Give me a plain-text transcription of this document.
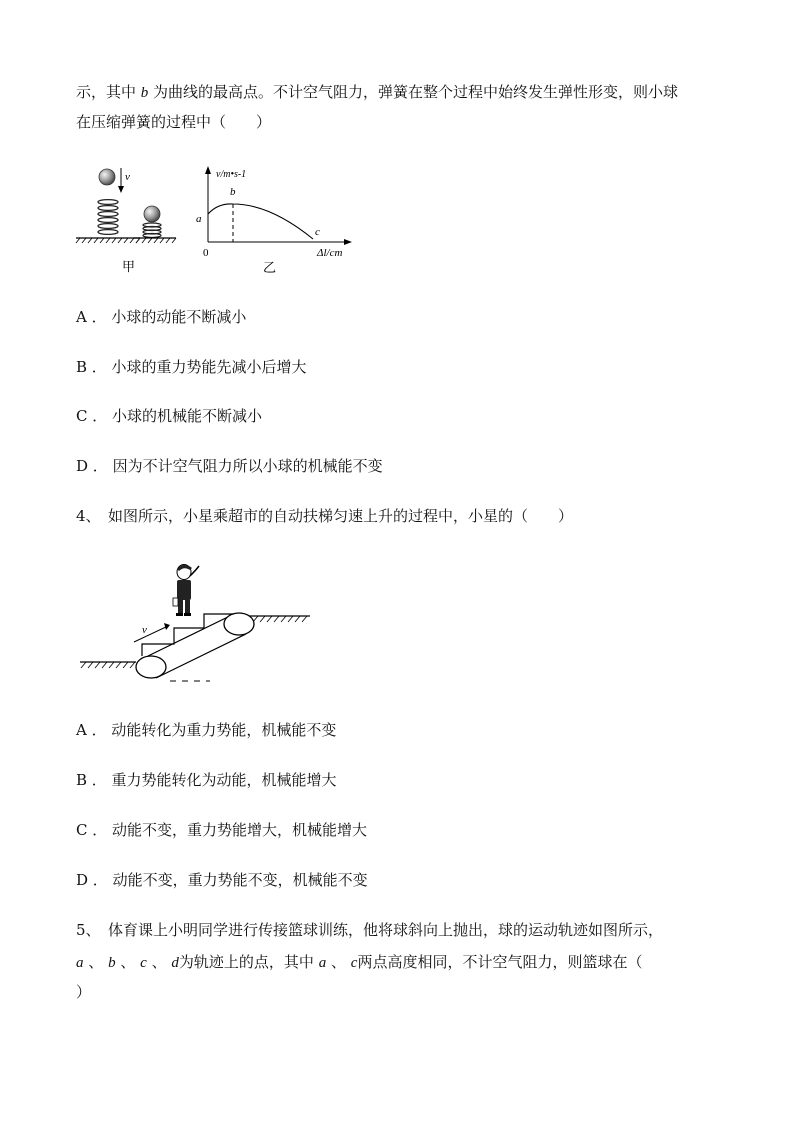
示，其中 b 为曲线的最高点。不计空气阻力，弹簧在整个过程中始终发生弹性形变，则小球
在压缩弹簧的过程中（　　）
v
甲
v/m•s-1
b
a
c
0	Δl/cm
乙
A ． 小球的动能不断减小
B ． 小球的重力势能先减小后增大
C ． 小球的机械能不断减小
D ． 因为不计空气阻力所以小球的机械能不变
4、　如图所示，小星乘超市的自动扶梯匀速上升的过程中，小星的（　　）
v
A ． 动能转化为重力势能，机械能不变
B ． 重力势能转化为动能，机械能增大
C ． 动能不变，重力势能增大，机械能增大
D ． 动能不变，重力势能不变，机械能不变
5、　体育课上小明同学进行传接篮球训练，他将球斜向上抛出，球的运动轨迹如图所示，
a 、 b 、 c 、 d为轨迹上的点，其中 a 、 c两点高度相同，不计空气阻力，则篮球在（
）
